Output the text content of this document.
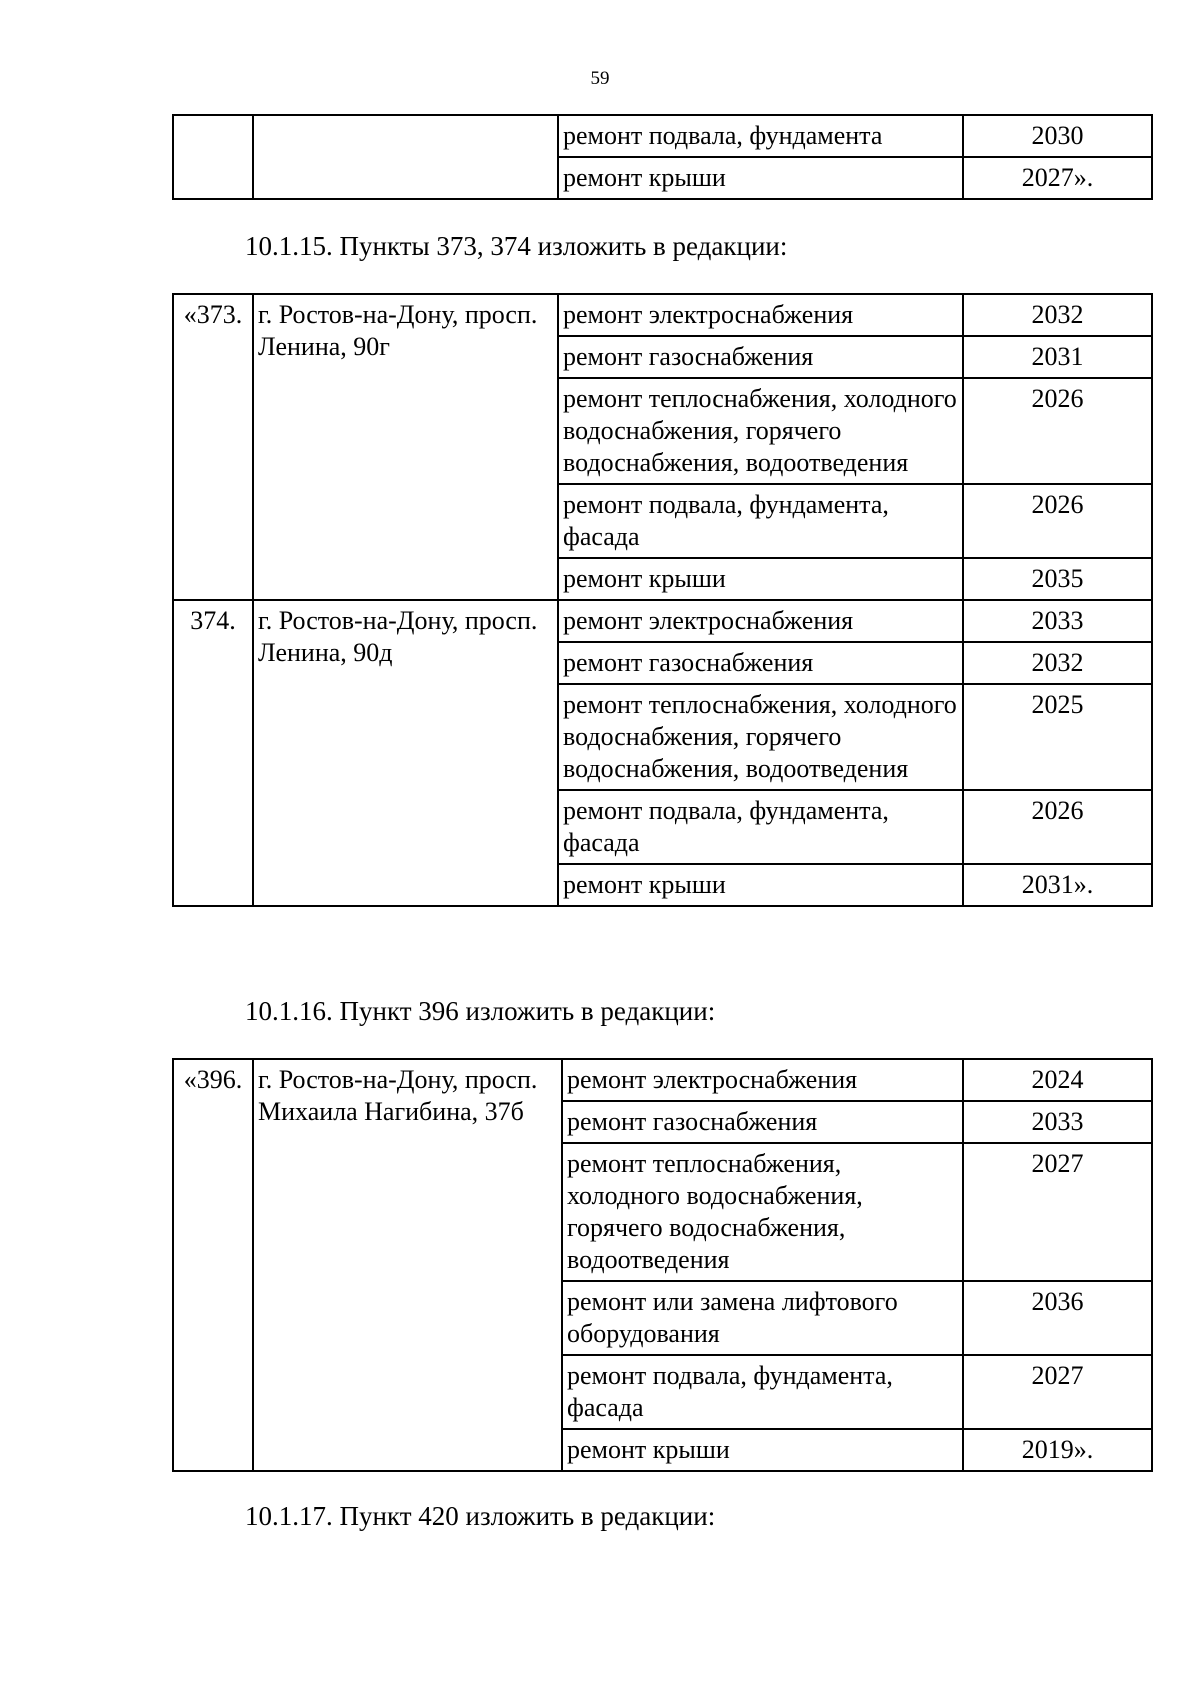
59
		ремонт подвала, фундамента	2030
		ремонт крыши	2027».
10.1.15. Пункты 373, 374 изложить в редакции:
«373.	г. Ростов-на-Дону, просп. Ленина, 90г	ремонт электроснабжения	2032
		ремонт газоснабжения	2031
		ремонт теплоснабжения, холодного водоснабжения, горячего водоснабжения, водоотведения	2026
		ремонт подвала, фундамента, фасада	2026
		ремонт крыши	2035
374.	г. Ростов-на-Дону, просп. Ленина, 90д	ремонт электроснабжения	2033
		ремонт газоснабжения	2032
		ремонт теплоснабжения, холодного водоснабжения, горячего водоснабжения, водоотведения	2025
		ремонт подвала, фундамента, фасада	2026
		ремонт крыши	2031».
10.1.16. Пункт 396 изложить в редакции:
«396.	г. Ростов-на-Дону, просп. Михаила Нагибина, 37б	ремонт электроснабжения	2024
		ремонт газоснабжения	2033
		ремонт теплоснабжения, холодного водоснабжения, горячего водоснабжения, водоотведения	2027
		ремонт или замена лифтового оборудования	2036
		ремонт подвала, фундамента, фасада	2027
		ремонт крыши	2019».
10.1.17. Пункт 420 изложить в редакции:
